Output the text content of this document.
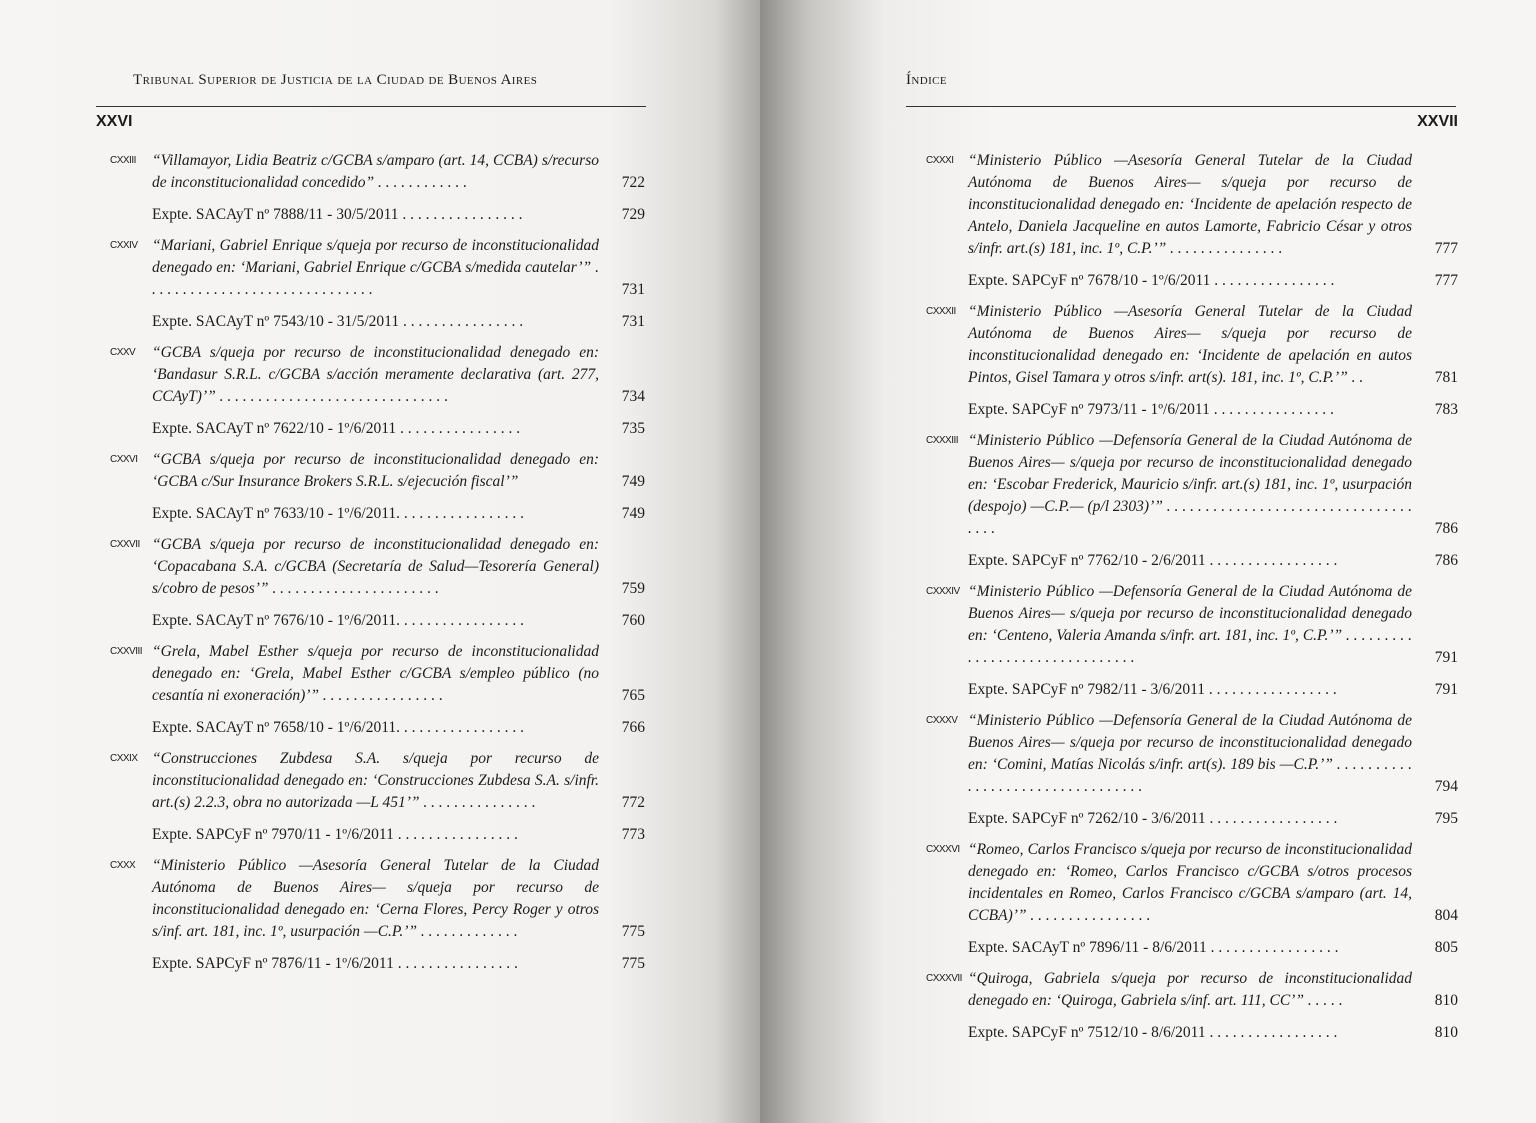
Tribunal Superior de Justicia de la Ciudad de Buenos Aires
XXVI
CXXIII	“Villamayor, Lidia Beatriz c/GCBA s/amparo (art. 14, CCBA) s/recurso de inconstitucionalidad concedido” . . . . . . . . . . . .	722
Expte. SACAyT nº 7888/11 - 30/5/2011 . . . . . . . . . . . . . . . .	729
CXXIV “Mariani, Gabriel Enrique s/queja por recurso de inconstitucionalidad denegado en: ‘Mariani, Gabriel Enrique c/GCBA s/medida cautelar’” . . . . . . . . . . . . . . . . . . . . . . . . . . . . . .	731
Expte. SACAyT nº 7543/10 - 31/5/2011 . . . . . . . . . . . . . . . .	731
CXXV	“GCBA s/queja por recurso de inconstitucionalidad denegado en: ‘Bandasur S.R.L. c/GCBA s/acción meramente declarativa (art. 277, CCAyT)’” . . . . . . . . . . . . . . . . . . . . . . . . . . . . . .	734
Expte. SACAyT nº 7622/10 - 1º/6/2011 . . . . . . . . . . . . . . . .	735
CXXVI “GCBA s/queja por recurso de inconstitucionalidad denegado en: ‘GCBA c/Sur Insurance Brokers S.R.L. s/ejecución fiscal’”	749
Expte. SACAyT nº 7633/10 - 1º/6/2011. . . . . . . . . . . . . . . . .	749
CXXVII “GCBA s/queja por recurso de inconstitucionalidad denegado en: ‘Copacabana S.A. c/GCBA (Secretaría de Salud—Tesorería General) s/cobro de pesos’” . . . . . . . . . . . . . . . . . . . . . .	759
Expte. SACAyT nº 7676/10 - 1º/6/2011. . . . . . . . . . . . . . . . .	760
CXXVIII “Grela, Mabel Esther s/queja por recurso de inconstitucionalidad denegado en: ‘Grela, Mabel Esther c/GCBA s/empleo público (no cesantía ni exoneración)’” . . . . . . . . . . . . . . . .	765
Expte. SACAyT nº 7658/10 - 1º/6/2011. . . . . . . . . . . . . . . . .	766
CXXIX “Construcciones Zubdesa S.A. s/queja por recurso de inconstitucionalidad denegado en: ‘Construcciones Zubdesa S.A. s/infr. art.(s) 2.2.3, obra no autorizada —L 451’” . . . . . . . . . . . . . . .	772
Expte. SAPCyF nº 7970/11 - 1º/6/2011 . . . . . . . . . . . . . . . .	773
CXXX	“Ministerio Público —Asesoría General Tutelar de la Ciudad Autónoma de Buenos Aires— s/queja por recurso de inconstitucionalidad denegado en: ‘Cerna Flores, Percy Roger y otros s/inf. art. 181, inc. 1º, usurpación —C.P.’” . . . . . . . . . . . . .	775
Expte. SAPCyF nº 7876/11 - 1º/6/2011 . . . . . . . . . . . . . . . .	775
Índice
XXVII
CXXXI “Ministerio Público —Asesoría General Tutelar de la Ciudad Autónoma de Buenos Aires— s/queja por recurso de inconstitucionalidad denegado en: ‘Incidente de apelación respecto de Antelo, Daniela Jacqueline en autos Lamorte, Fabricio César y otros s/infr. art.(s) 181, inc. 1º, C.P.’” . . . . . . . . . . . . . . .	777
Expte. SAPCyF nº 7678/10 - 1º/6/2011 . . . . . . . . . . . . . . . .	777
CXXXII “Ministerio Público —Asesoría General Tutelar de la Ciudad Autónoma de Buenos Aires— s/queja por recurso de inconstitucionalidad denegado en: ‘Incidente de apelación en autos Pintos, Gisel Tamara y otros s/infr. art(s). 181, inc. 1º, C.P.’” . .	781
Expte. SAPCyF nº 7973/11 - 1º/6/2011 . . . . . . . . . . . . . . . .	783
CXXXIII “Ministerio Público —Defensoría General de la Ciudad Autónoma de Buenos Aires— s/queja por recurso de inconstitucionalidad denegado en: ‘Escobar Frederick, Mauricio s/infr. art.(s) 181, inc. 1º, usurpación (despojo) —C.P.— (p/l 2303)’” . . . . . . . . . . . . . . . . . . . . . . . . . . . . . . . . . . . .	786
Expte. SAPCyF nº 7762/10 - 2/6/2011 . . . . . . . . . . . . . . . . .	786
CXXXIV “Ministerio Público —Defensoría General de la Ciudad Autónoma de Buenos Aires— s/queja por recurso de inconstitucionalidad denegado en: ‘Centeno, Valeria Amanda s/infr. art. 181, inc. 1º, C.P.’” . . . . . . . . . . . . . . . . . . . . . . . . . . . . . . .	791
Expte. SAPCyF nº 7982/11 - 3/6/2011 . . . . . . . . . . . . . . . . .	791
CXXXV “Ministerio Público —Defensoría General de la Ciudad Autónoma de Buenos Aires— s/queja por recurso de inconstitucionalidad denegado en: ‘Comini, Matías Nicolás s/infr. art(s). 189 bis —C.P.’” . . . . . . . . . . . . . . . . . . . . . . . . . . . . . . . . .	794
Expte. SAPCyF nº 7262/10 - 3/6/2011 . . . . . . . . . . . . . . . . .	795
CXXXVI “Romeo, Carlos Francisco s/queja por recurso de inconstitucionalidad denegado en: ‘Romeo, Carlos Francisco c/GCBA s/otros procesos incidentales en Romeo, Carlos Francisco c/GCBA s/amparo (art. 14, CCBA)’” . . . . . . . . . . . . . . . .	804
Expte. SACAyT nº 7896/11 - 8/6/2011 . . . . . . . . . . . . . . . . .	805
CXXXVII “Quiroga, Gabriela s/queja por recurso de inconstitucionalidad denegado en: ‘Quiroga, Gabriela s/inf. art. 111, CC’” . . . . .	810
Expte. SAPCyF nº 7512/10 - 8/6/2011 . . . . . . . . . . . . . . . . .	810
